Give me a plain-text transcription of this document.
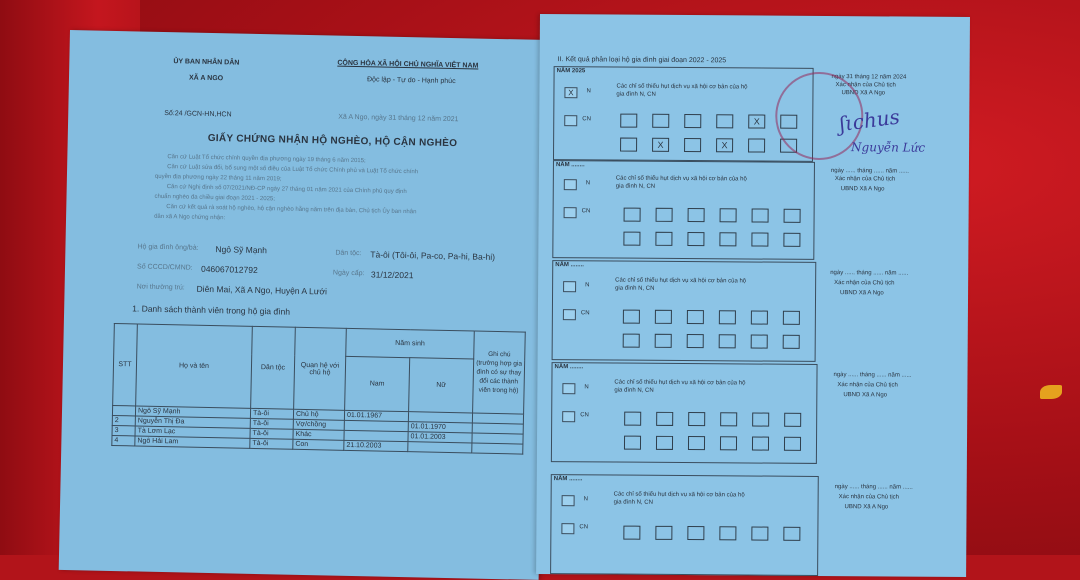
ỦY BAN NHÂN DÂN
XÃ A NGO
CỘNG HÒA XÃ HỘI CHỦ NGHĨA VIỆT NAM
Độc lập - Tự do - Hạnh phúc
Số:24 /GCN-HN,HCN	Xã A Ngo, ngày 31 tháng 12 năm 2021
GIẤY CHỨNG NHẬN HỘ NGHÈO, HỘ CẬN NGHÈO
Căn cứ Luật Tổ chức chính quyền địa phương ngày 19 tháng 6 năm 2015;
Căn cứ Luật sửa đổi, bổ sung một số điều của Luật Tổ chức Chính phủ và Luật Tổ chức chính
quyền địa phương ngày 22 tháng 11 năm 2019;
Căn cứ Nghị định số 07/2021/NĐ-CP ngày 27 tháng 01 năm 2021 của Chính phủ quy định
chuẩn nghèo đa chiều giai đoạn 2021 - 2025;
Căn cứ kết quả rà soát hộ nghèo, hộ cận nghèo hằng năm trên địa bàn, Chủ tịch Ủy ban nhân
dân xã A Ngo chứng nhận:
Hộ gia đình ông/bà: Ngô Sỹ Mạnh	Dân tộc: Tà-ôi (Tôi-ôi, Pa-co, Pa-hi, Ba-hi)
Số CCCD/CMND: 046067012792	Ngày cấp: 31/12/2021
Nơi thường trú: Diên Mai, Xã A Ngo, Huyện A Lưới
1. Danh sách thành viên trong hộ gia đình
STT	Họ và tên	Dân tộc	Quan hệ với chủ hộ	Năm sinh		Ghi chú (trường hợp gia đình có sự thay đổi các thành viên trong hộ)
				Nam	Nữ	
	Ngô Sỹ Mạnh	Tà-ôi	Chủ hộ	01.01.1967		
2	Nguyễn Thị Đa	Tà-ôi	Vợ/chồng		01.01.1970	
3	Tà Lơm Lạc	Tà-ôi	Khác		01.01.2003	
4	Ngô Hải Lam	Tà-ôi	Con	21.10.2003		
II. Kết quả phân loại hộ gia đình giai đoạn 2022 - 2025
NĂM 2025
X	N
CN
Các chỉ số thiếu hụt dịch vụ xã hội cơ bản của hộ
gia đình N, CN
X
X	X
ngày 31 tháng 12 năm 2024
Xác nhận của Chủ tịch
UBND Xã A Ngo
ʃιchus
Nguyễn Lức
NĂM ........
N
CN
Các chỉ số thiếu hụt dịch vụ xã hội cơ bản của hộ
gia đình N, CN
ngày ...... tháng ...... năm ......
Xác nhận của Chủ tịch
UBND Xã A Ngo
NĂM ........
N
CN
Các chỉ số thiếu hụt dịch vụ xã hội cơ bản của hộ
gia đình N, CN
ngày ...... tháng ...... năm ......
Xác nhận của Chủ tịch
UBND Xã A Ngo
NĂM ........
N
CN
Các chỉ số thiếu hụt dịch vụ xã hội cơ bản của hộ
gia đình N, CN
ngày ...... tháng ...... năm ......
Xác nhận của Chủ tịch
UBND Xã A Ngo
NĂM ........
N
CN
Các chỉ số thiếu hụt dịch vụ xã hội cơ bản của hộ
gia đình N, CN
ngày ...... tháng ...... năm ......
Xác nhận của Chủ tịch
UBND Xã A Ngo
